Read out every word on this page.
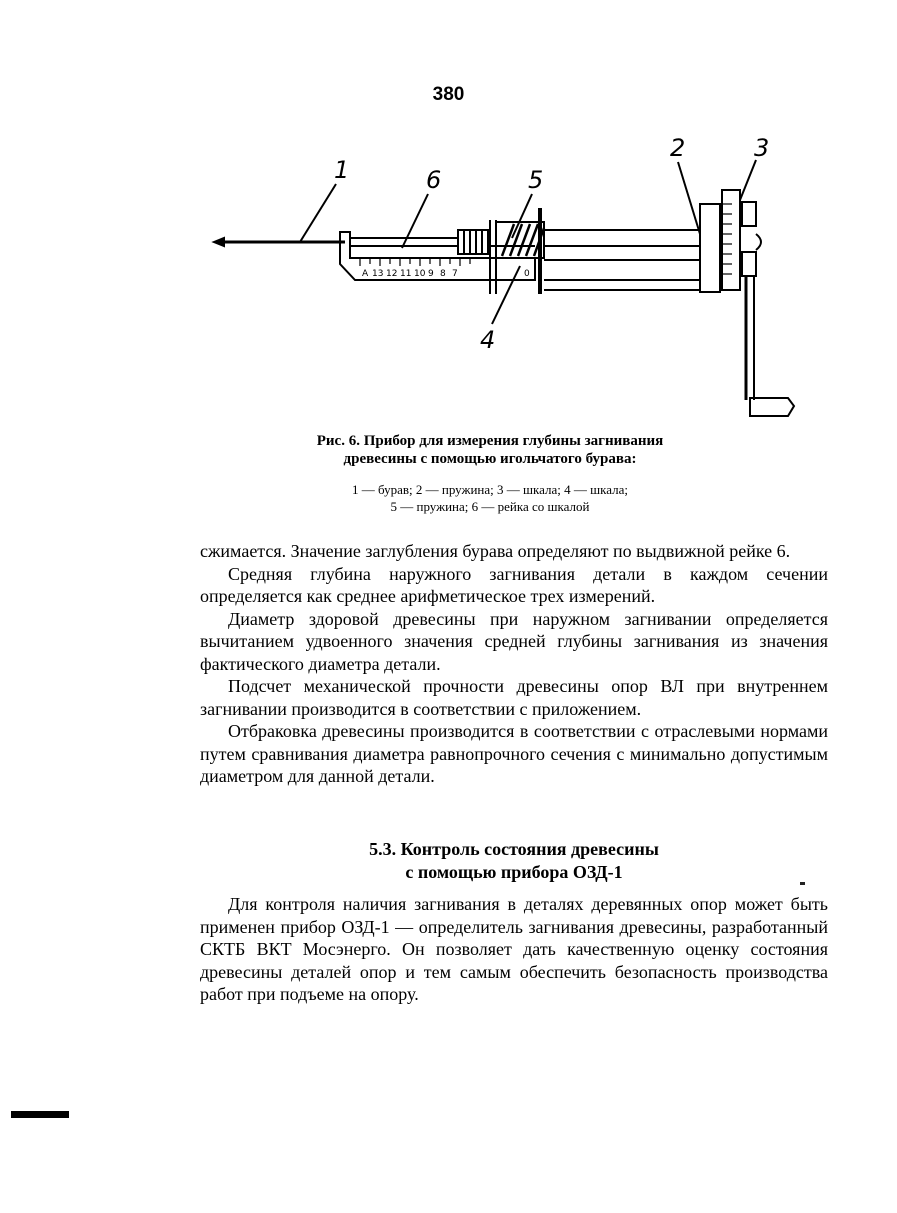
380
1	6	5
2	3
4
A 13 12 11 10 9 8 7	0
Рис. 6. Прибор для измерения глубины загнивания
древесины с помощью игольчатого бурава:
1 — бурав; 2 — пружина; 3 — шкала; 4 — шкала;
5 — пружина; 6 — рейка со шкалой

сжимается. Значение заглубления бурава определяют по выдвижной рейке 6.

Средняя глубина наружного загнивания детали в каждом сечении определяется как среднее арифметическое трех измерений.

Диаметр здоровой древесины при наружном загнивании определяется вычитанием удвоенного значения средней глубины загнивания из значения фактического диаметра детали.

Подсчет механической прочности древесины опор ВЛ при внутреннем загнивании производится в соответствии с приложением.

Отбраковка древесины производится в соответствии с отраслевыми нормами путем сравнивания диаметра равнопрочного сечения с минимально допустимым диаметром для данной детали.

5.3. Контроль состояния древесины
с помощью прибора ОЗД-1

Для контроля наличия загнивания в деталях деревянных опор может быть применен прибор ОЗД-1 — определитель загнивания древесины, разработанный СКТБ ВКТ Мосэнерго. Он позволяет дать качественную оценку состояния древесины деталей опор и тем самым обеспечить безопасность производства работ при подъеме на опору.
